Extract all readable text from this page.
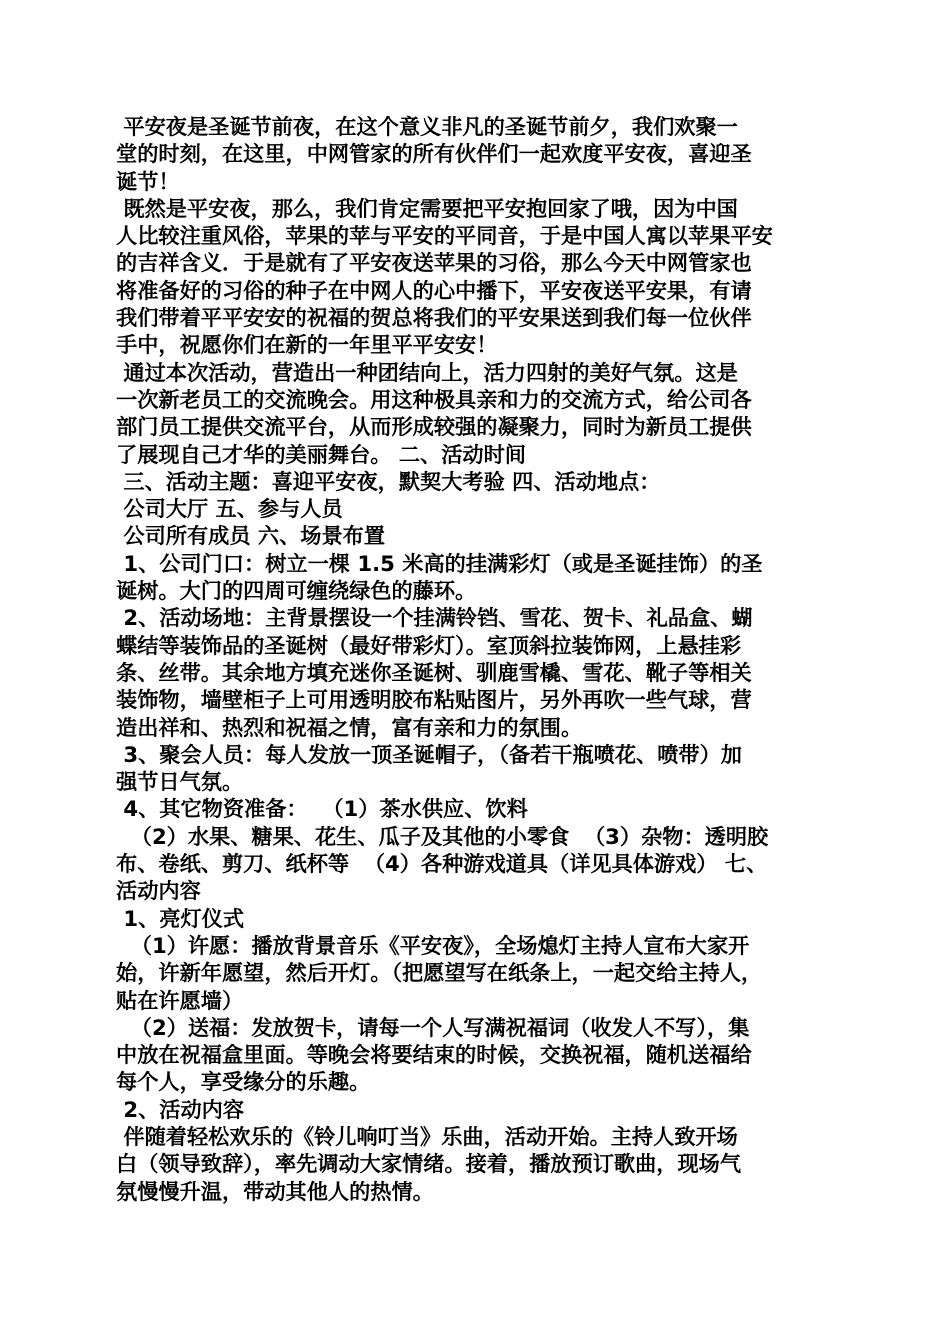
平安夜是圣诞节前夜，在这个意义非凡的圣诞节前夕，我们欢聚一
堂的时刻，在这里，中网管家的所有伙伴们一起欢度平安夜，喜迎圣
诞节！
既然是平安夜，那么，我们肯定需要把平安抱回家了哦，因为中国
人比较注重风俗，苹果的苹与平安的平同音，于是中国人寓以苹果平安
的吉祥含义．于是就有了平安夜送苹果的习俗，那么今天中网管家也
将准备好的习俗的种子在中网人的心中播下，平安夜送平安果，有请
我们带着平平安安的祝福的贺总将我们的平安果送到我们每一位伙伴
手中，祝愿你们在新的一年里平平安安！
通过本次活动，营造出一种团结向上，活力四射的美好气氛。这是
一次新老员工的交流晚会。用这种极具亲和力的交流方式，给公司各
部门员工提供交流平台，从而形成较强的凝聚力，同时为新员工提供
了展现自己才华的美丽舞台。 二、活动时间
三、活动主题：喜迎平安夜，默契大考验 四、活动地点：
公司大厅 五、参与人员
公司所有成员 六、场景布置
1、公司门口：树立一棵 1.5 米高的挂满彩灯（或是圣诞挂饰）的圣
诞树。大门的四周可缠绕绿色的藤环。
2、活动场地：主背景摆设一个挂满铃铛、雪花、贺卡、礼品盒、蝴
蝶结等装饰品的圣诞树（最好带彩灯）。室顶斜拉装饰网，上悬挂彩
条、丝带。其余地方填充迷你圣诞树、驯鹿雪橇、雪花、靴子等相关
装饰物，墙壁柜子上可用透明胶布粘贴图片，另外再吹一些气球，营
造出祥和、热烈和祝福之情，富有亲和力的氛围。
3、聚会人员：每人发放一顶圣诞帽子，（备若干瓶喷花、喷带）加
强节日气氛。
4、其它物资准备：  （1）茶水供应、饮料
（2）水果、糖果、花生、瓜子及其他的小零食  （3）杂物：透明胶
布、卷纸、剪刀、纸杯等  （4）各种游戏道具（详见具体游戏） 七、
活动内容
1、亮灯仪式
（1）许愿：播放背景音乐《平安夜》，全场熄灯主持人宣布大家开
始，许新年愿望，然后开灯。（把愿望写在纸条上，一起交给主持人，
贴在许愿墙）
（2）送福：发放贺卡，请每一个人写满祝福词（收发人不写），集
中放在祝福盒里面。等晚会将要结束的时候，交换祝福，随机送福给
每个人，享受缘分的乐趣。
2、活动内容
伴随着轻松欢乐的《铃儿响叮当》乐曲，活动开始。主持人致开场
白（领导致辞），率先调动大家情绪。接着，播放预订歌曲，现场气
氛慢慢升温，带动其他人的热情。
